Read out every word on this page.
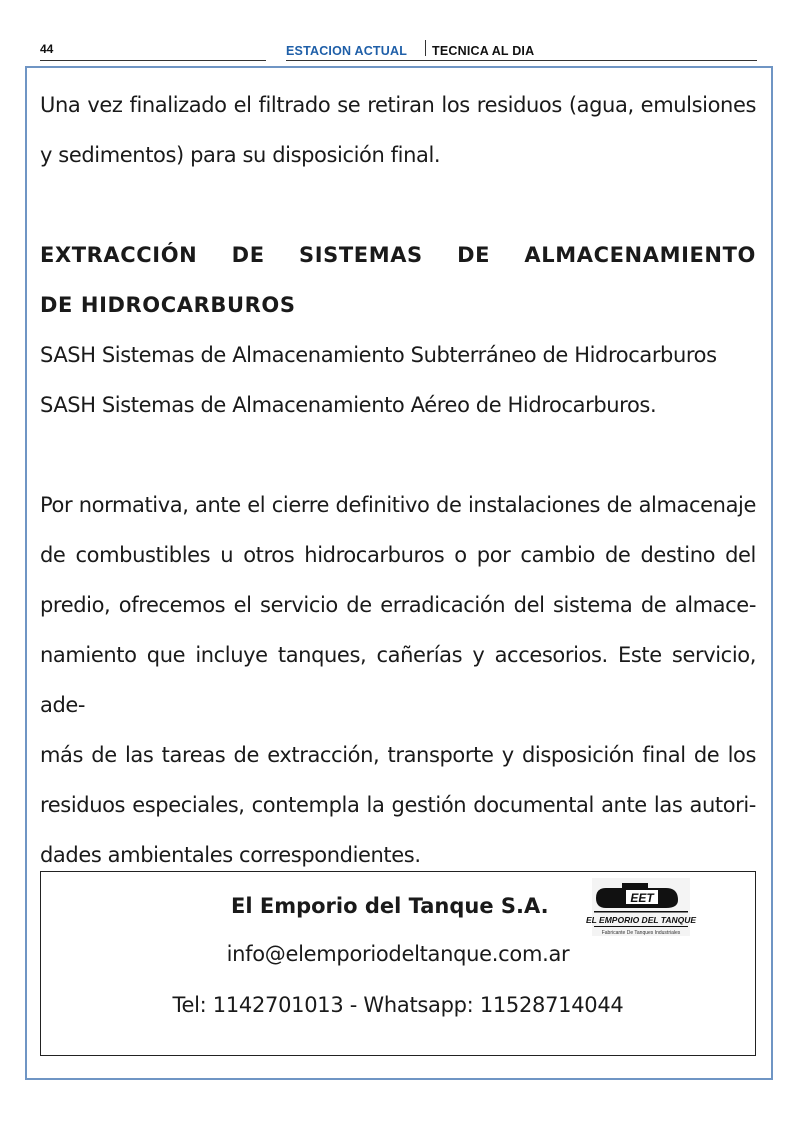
44	ESTACION ACTUAL TECNICA AL DIA

Una vez finalizado el filtrado se retiran los residuos (agua, emulsiones
y sedimentos) para su disposición final.

EXTRACCIÓN DE SISTEMAS DE ALMACENAMIENTO
DE HIDROCARBUROS

SASH Sistemas de Almacenamiento Subterráneo de Hidrocarburos
SASH Sistemas de Almacenamiento Aéreo de Hidrocarburos.

Por normativa, ante el cierre definitivo de instalaciones de almacenaje
de combustibles u otros hidrocarburos o por cambio de destino del
predio, ofrecemos el servicio de erradicación del sistema de almace-
namiento que incluye tanques, cañerías y accesorios. Este servicio, ade-
más de las tareas de extracción, transporte y disposición final de los
residuos especiales, contempla la gestión documental ante las autori-
dades ambientales correspondientes.

El Emporio del Tanque S.A.	EET
EL EMPORIO DEL TANQUE
Fabricante De Tanques Industriales
info@elemporiodeltanque.com.ar
Tel: 1142701013 - Whatsapp: 11528714044
